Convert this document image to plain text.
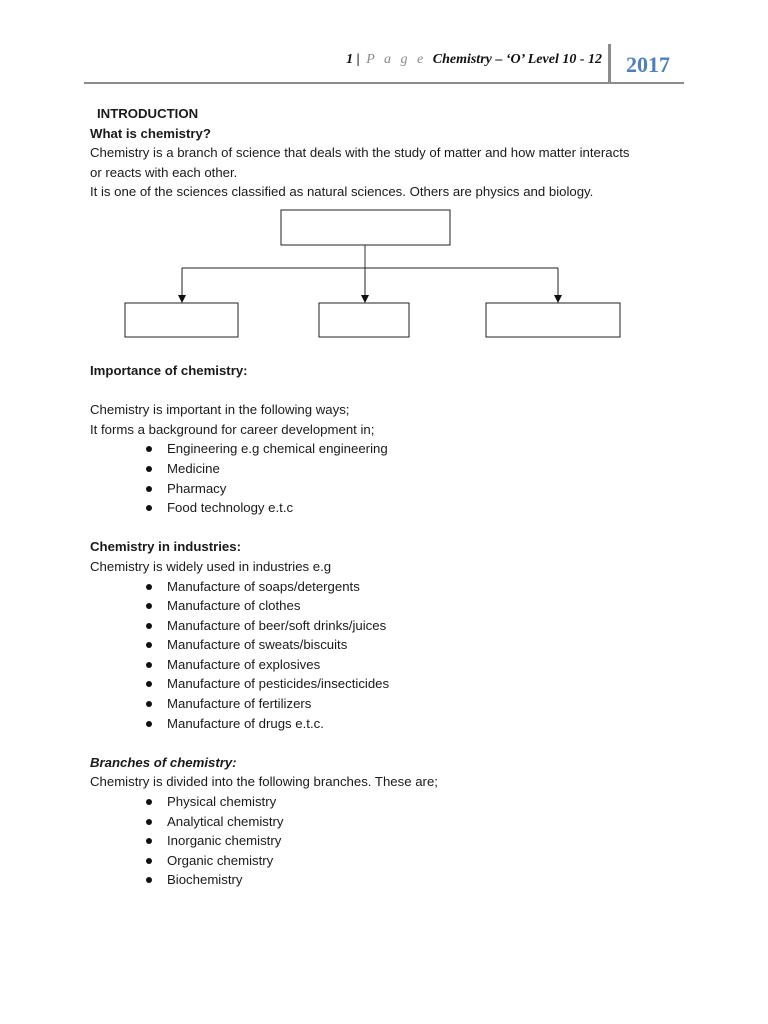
1 | P a g e Chemistry – ‘O’ Level 10 - 12 2017

INTRODUCTION

What is chemistry?

Chemistry is a branch of science that deals with the study of matter and how matter interacts

or reacts with each other.

It is one of the sciences classified as natural sciences. Others are physics and biology.

Importance of chemistry:

Chemistry is important in the following ways;

It forms a background for career development in;

Engineering e.g chemical engineering
Medicine
Pharmacy
Food technology e.t.c

Chemistry in industries:

Chemistry is widely used in industries e.g

Manufacture of soaps/detergents
Manufacture of clothes
Manufacture of beer/soft drinks/juices
Manufacture of sweats/biscuits
Manufacture of explosives
Manufacture of pesticides/insecticides
Manufacture of fertilizers
Manufacture of drugs e.t.c.

Branches of chemistry:

Chemistry is divided into the following branches. These are;

Physical chemistry
Analytical chemistry
Inorganic chemistry
Organic chemistry
Biochemistry
